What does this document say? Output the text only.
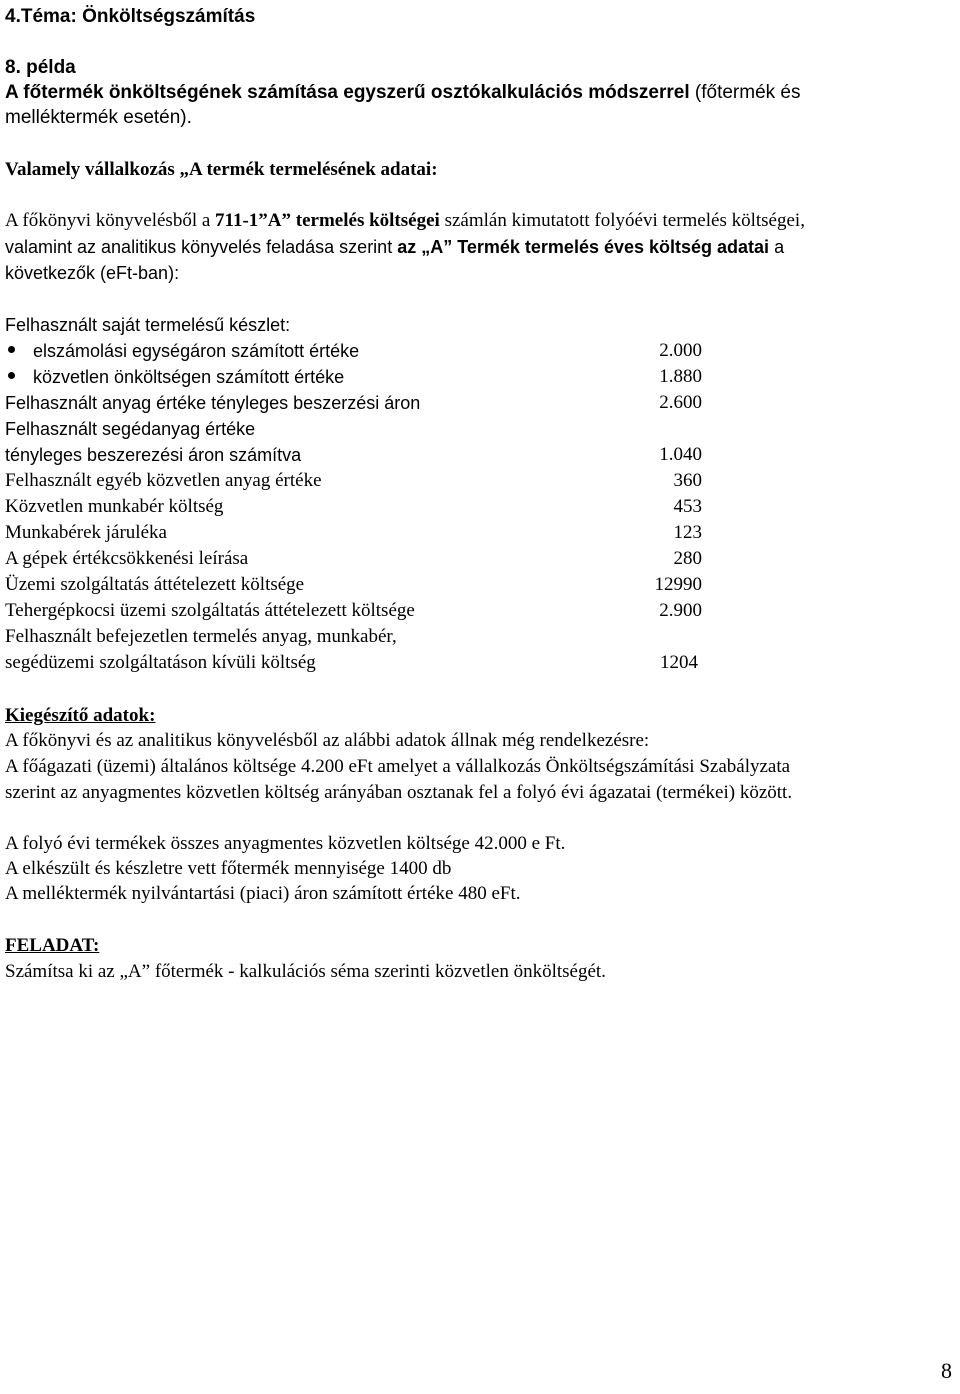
4.Téma: Önköltségszámítás
8. példa
A főtermék önköltségének számítása egyszerű osztókalkulációs módszerrel (főtermék és
melléktermék esetén).
Valamely vállalkozás „A termék termelésének adatai:
A főkönyvi könyvelésből a 711-1”A” termelés költségei számlán kimutatott folyóévi termelés költségei,
valamint az analitikus könyvelés feladása szerint az „A” Termék termelés éves költség adatai a
következők (eFt-ban):
Felhasznált saját termelésű készlet:
elszámolási egységáron számított értéke	2.000
közvetlen önköltségen számított értéke	1.880
Felhasznált anyag értéke tényleges beszerzési áron	2.600
Felhasznált segédanyag értéke
tényleges beszerezési áron számítva	1.040
Felhasznált egyéb közvetlen anyag értéke	360
Közvetlen munkabér költség	453
Munkabérek járuléka	123
A gépek értékcsökkenési leírása	280
Üzemi szolgáltatás áttételezett költsége	12990
Tehergépkocsi üzemi szolgáltatás áttételezett költsége	2.900
Felhasznált befejezetlen termelés anyag, munkabér,
segédüzemi szolgáltatáson kívüli költség	1204
Kiegészítő adatok:
A főkönyvi és az analitikus könyvelésből az alábbi adatok állnak még rendelkezésre:
A főágazati (üzemi) általános költsége 4.200 eFt amelyet a vállalkozás Önköltségszámítási Szabályzata
szerint az anyagmentes közvetlen költség arányában osztanak fel a folyó évi ágazatai (termékei) között.
A folyó évi termékek összes anyagmentes közvetlen költsége 42.000 e Ft.
A elkészült és készletre vett főtermék mennyisége 1400 db
A melléktermék nyilvántartási (piaci) áron számított értéke 480 eFt.
FELADAT:
Számítsa ki az „A” főtermék - kalkulációs séma szerinti közvetlen önköltségét.
8
